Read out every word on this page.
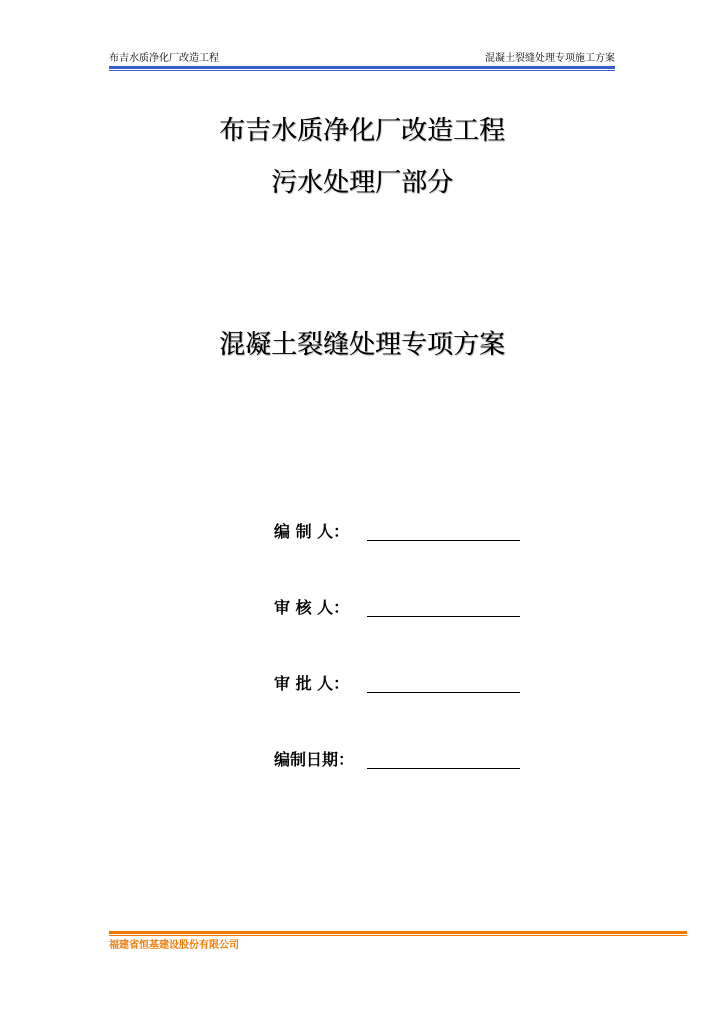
布吉水质净化厂改造工程	混凝土裂缝处理专项施工方案
布吉水质净化厂改造工程
污水处理厂部分
混凝土裂缝处理专项方案
编 制 人：
审 核 人：
审 批 人：
编制日期：
福建省恒基建设股份有限公司
